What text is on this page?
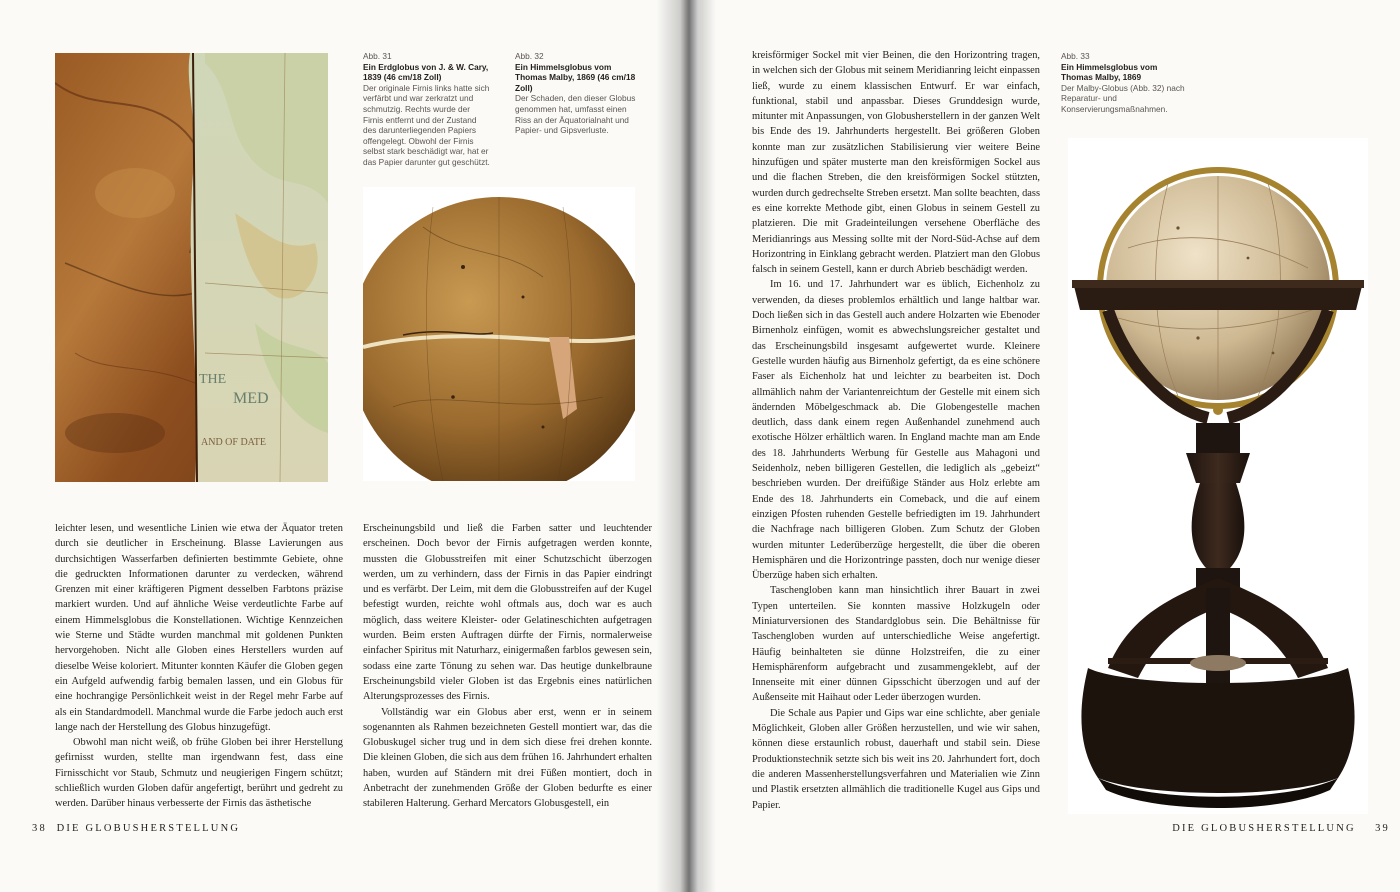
THE
MED
AND OF DATE
Abb. 31
Ein Erdglobus von J. & W. Cary, 1839 (46 cm/18 Zoll)
Der originale Firnis links hatte sich verfärbt und war zerkratzt und schmutzig. Rechts wurde der Firnis entfernt und der Zustand des darunterliegenden Papiers offengelegt. Obwohl der Firnis selbst stark beschädigt war, hat er das Papier darunter gut geschützt.
Abb. 32
Ein Himmelsglobus vom Thomas Malby, 1869 (46 cm/18 Zoll)
Der Schaden, den dieser Globus genommen hat, umfasst einen Riss an der Äquatorialnaht und Papier- und Gipsverluste.

leichter lesen, und wesentliche Linien wie etwa der Äquator treten durch sie deutlicher in Erscheinung. Blasse Lavierungen aus durchsichtigen Wasserfarben definierten bestimmte Gebiete, ohne die gedruckten Informationen darunter zu verdecken, während Grenzen mit einer kräftigeren Pigment desselben Farbtons präzise markiert wurden. Und auf ähnliche Weise verdeutlichte Farbe auf einem Himmelsglobus die Konstellationen. Wichtige Kennzeichen wie Sterne und Städte wurden manchmal mit goldenen Punkten hervorgehoben. Nicht alle Globen eines Herstellers wurden auf dieselbe Weise koloriert. Mitunter konnten Käufer die Globen gegen ein Aufgeld aufwendig farbig bemalen lassen, und ein Globus für eine hochrangige Persönlichkeit weist in der Regel mehr Farbe auf als ein Standardmodell. Manchmal wurde die Farbe jedoch auch erst lange nach der Herstellung des Globus hinzugefügt.

Obwohl man nicht weiß, ob frühe Globen bei ihrer Herstellung gefirnisst wurden, stellte man irgendwann fest, dass eine Firnisschicht vor Staub, Schmutz und neugierigen Fingern schützt; schließlich wurden Globen dafür angefertigt, berührt und gedreht zu werden. Darüber hinaus verbesserte der Firnis das ästhetische

Erscheinungsbild und ließ die Farben satter und leuchtender erscheinen. Doch bevor der Firnis aufgetragen werden konnte, mussten die Globusstreifen mit einer Schutzschicht überzogen werden, um zu verhindern, dass der Firnis in das Papier eindringt und es verfärbt. Der Leim, mit dem die Globusstreifen auf der Kugel befestigt wurden, reichte wohl oftmals aus, doch war es auch möglich, dass weitere Kleister- oder Gelatineschichten aufgetragen wurden. Beim ersten Auftragen dürfte der Firnis, normalerweise einfacher Spiritus mit Naturharz, einigermaßen farblos gewesen sein, sodass eine zarte Tönung zu sehen war. Das heutige dunkelbraune Erscheinungsbild vieler Globen ist das Ergebnis eines natürlichen Alterungsprozesses des Firnis.

Vollständig war ein Globus aber erst, wenn er in seinem sogenannten als Rahmen bezeichneten Gestell montiert war, das die Globuskugel sicher trug und in dem sich diese frei drehen konnte. Die kleinen Globen, die sich aus dem frühen 16. Jahrhundert erhalten haben, wurden auf Ständern mit drei Füßen montiert, doch in Anbetracht der zunehmenden Größe der Globen bedurfte es einer stabileren Halterung. Gerhard Mercators Globusgestell, ein

38 DIE GLOBUSHERSTELLUNG

kreisförmiger Sockel mit vier Beinen, die den Horizontring tragen, in welchen sich der Globus mit seinem Meridianring leicht einpassen ließ, wurde zu einem klassischen Entwurf. Er war einfach, funktional, stabil und anpassbar. Dieses Grunddesign wurde, mitunter mit Anpassungen, von Globusherstellern in der ganzen Welt bis Ende des 19. Jahrhunderts hergestellt. Bei größeren Globen konnte man zur zusätzlichen Stabilisierung vier weitere Beine hinzufügen und später musterte man den kreisförmigen Sockel aus und die flachen Streben, die den kreisförmigen Sockel stützten, wurden durch gedrechselte Streben ersetzt. Man sollte beachten, dass es eine korrekte Methode gibt, einen Globus in seinem Gestell zu platzieren. Die mit Gradeinteilungen versehene Oberfläche des Meridianrings aus Messing sollte mit der Nord-Süd-Achse auf dem Horizontring in Einklang gebracht werden. Platziert man den Globus falsch in seinem Gestell, kann er durch Abrieb beschädigt werden.

Im 16. und 17. Jahrhundert war es üblich, Eichenholz zu verwenden, da dieses problemlos erhältlich und lange haltbar war. Doch ließen sich in das Gestell auch andere Holzarten wie Ebenoder Birnenholz einfügen, womit es abwechslungsreicher gestaltet und das Erscheinungsbild insgesamt aufgewertet wurde. Kleinere Gestelle wurden häufig aus Birnenholz gefertigt, da es eine schönere Faser als Eichenholz hat und leichter zu bearbeiten ist. Doch allmählich nahm der Variantenreichtum der Gestelle mit einem sich ändernden Möbelgeschmack ab. Die Globengestelle machen deutlich, dass dank einem regen Außenhandel zunehmend auch exotische Hölzer erhältlich waren. In England machte man am Ende des 18. Jahrhunderts Werbung für Gestelle aus Mahagoni und Seidenholz, neben billigeren Gestellen, die lediglich als „gebeizt“ beschrieben wurden. Der dreifüßige Ständer aus Holz erlebte am Ende des 18. Jahrhunderts ein Comeback, und die auf einem einzigen Pfosten ruhenden Gestelle befriedigten im 19. Jahrhundert die Nachfrage nach billigeren Globen. Zum Schutz der Globen wurden mitunter Lederüberzüge hergestellt, die über die oberen Hemisphären und die Horizontringe passten, doch nur wenige dieser Überzüge haben sich erhalten.

Taschengloben kann man hinsichtlich ihrer Bauart in zwei Typen unterteilen. Sie konnten massive Holzkugeln oder Miniaturversionen des Standardglobus sein. Die Behältnisse für Taschengloben wurden auf unterschiedliche Weise angefertigt. Häufig beinhalteten sie dünne Holzstreifen, die zu einer Hemisphärenform aufgebracht und zusammengeklebt, auf der Innenseite mit einer dünnen Gipsschicht überzogen und auf der Außenseite mit Haihaut oder Leder überzogen wurden.

Die Schale aus Papier und Gips war eine schlichte, aber geniale Möglichkeit, Globen aller Größen herzustellen, und wie wir sahen, können diese erstaunlich robust, dauerhaft und stabil sein. Diese Produktionstechnik setzte sich bis weit ins 20. Jahrhundert fort, doch die anderen Massenherstellungsverfahren und Materialien wie Zinn und Plastik ersetzten allmählich die traditionelle Kugel aus Gips und Papier.

Abb. 33
Ein Himmelsglobus vom Thomas Malby, 1869
Der Malby-Globus (Abb. 32) nach Reparatur- und Konservierungsmaßnahmen.
DIE GLOBUSHERSTELLUNG 39
